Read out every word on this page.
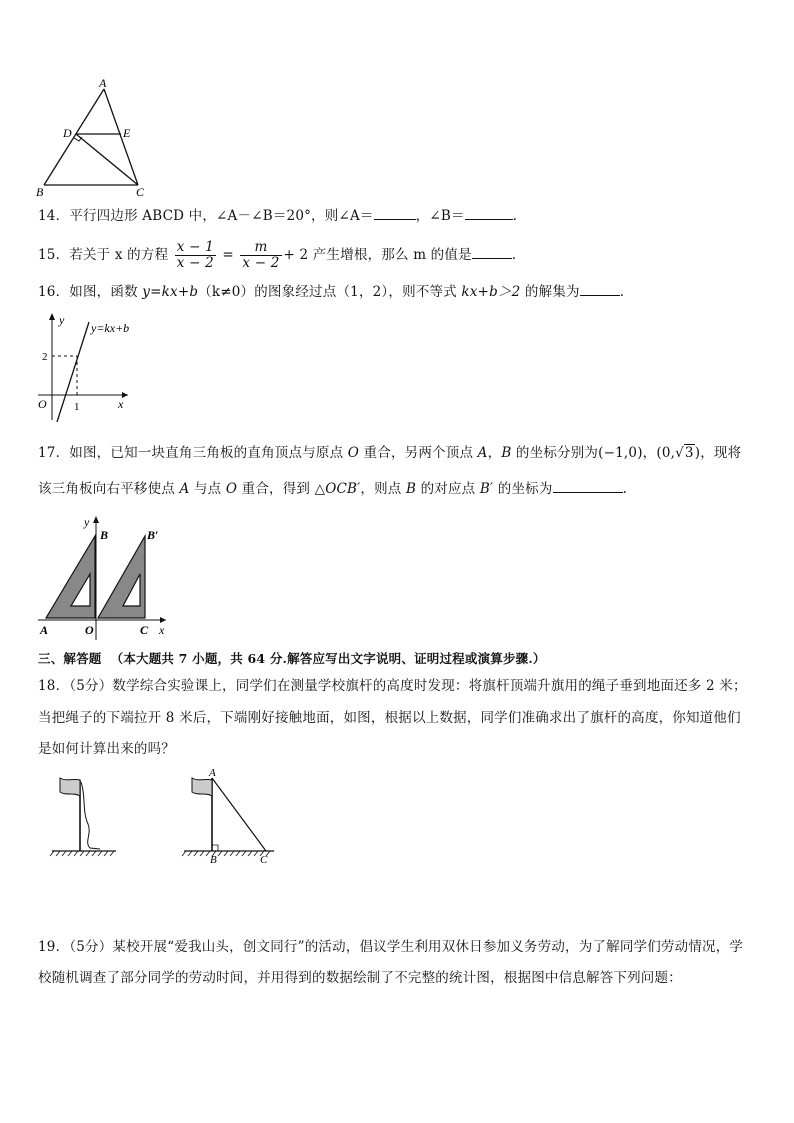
A
D	E
B	C
14．平行四边形 ABCD 中，∠A－∠B＝20°，则∠A＝	，∠B＝	.
15．若关于 x 的方程 $\frac{x - 1}{x - 2} = \frac{m}{x - 2} + 2$ 产生增根，那么 m 的值是	.
16．如图，函数 y=kx+b（k≠0）的图象经过点（1，2），则不等式 kx+b＞2 的解集为	.
y
x
O 1
2
y=kx+b
17．如图，已知一块直角三角板的直角顶点与原点 O 重合，另两个顶点 A，B 的坐标分别为(−1,0)，(0,√3)，现将
该三角板向右平移使点 A 与点 O 重合，得到 △OCB′，则点 B 的对应点 B′ 的坐标为	.
y
B	B′
A	O	C x
三、解答题 （本大题共 7 小题，共 64 分.解答应写出文字说明、证明过程或演算步骤.）
18．（5分）数学综合实验课上，同学们在测量学校旗杆的高度时发现：将旗杆顶端升旗用的绳子垂到地面还多 2 米；
当把绳子的下端拉开 8 米后，下端刚好接触地面，如图，根据以上数据，同学们准确求出了旗杆的高度，你知道他们
是如何计算出来的吗？
A
B	C
19．（5分）某校开展“爱我山头，创文同行”的活动，倡议学生利用双休日参加义务劳动，为了解同学们劳动情况，学
校随机调查了部分同学的劳动时间，并用得到的数据绘制了不完整的统计图，根据图中信息解答下列问题：
